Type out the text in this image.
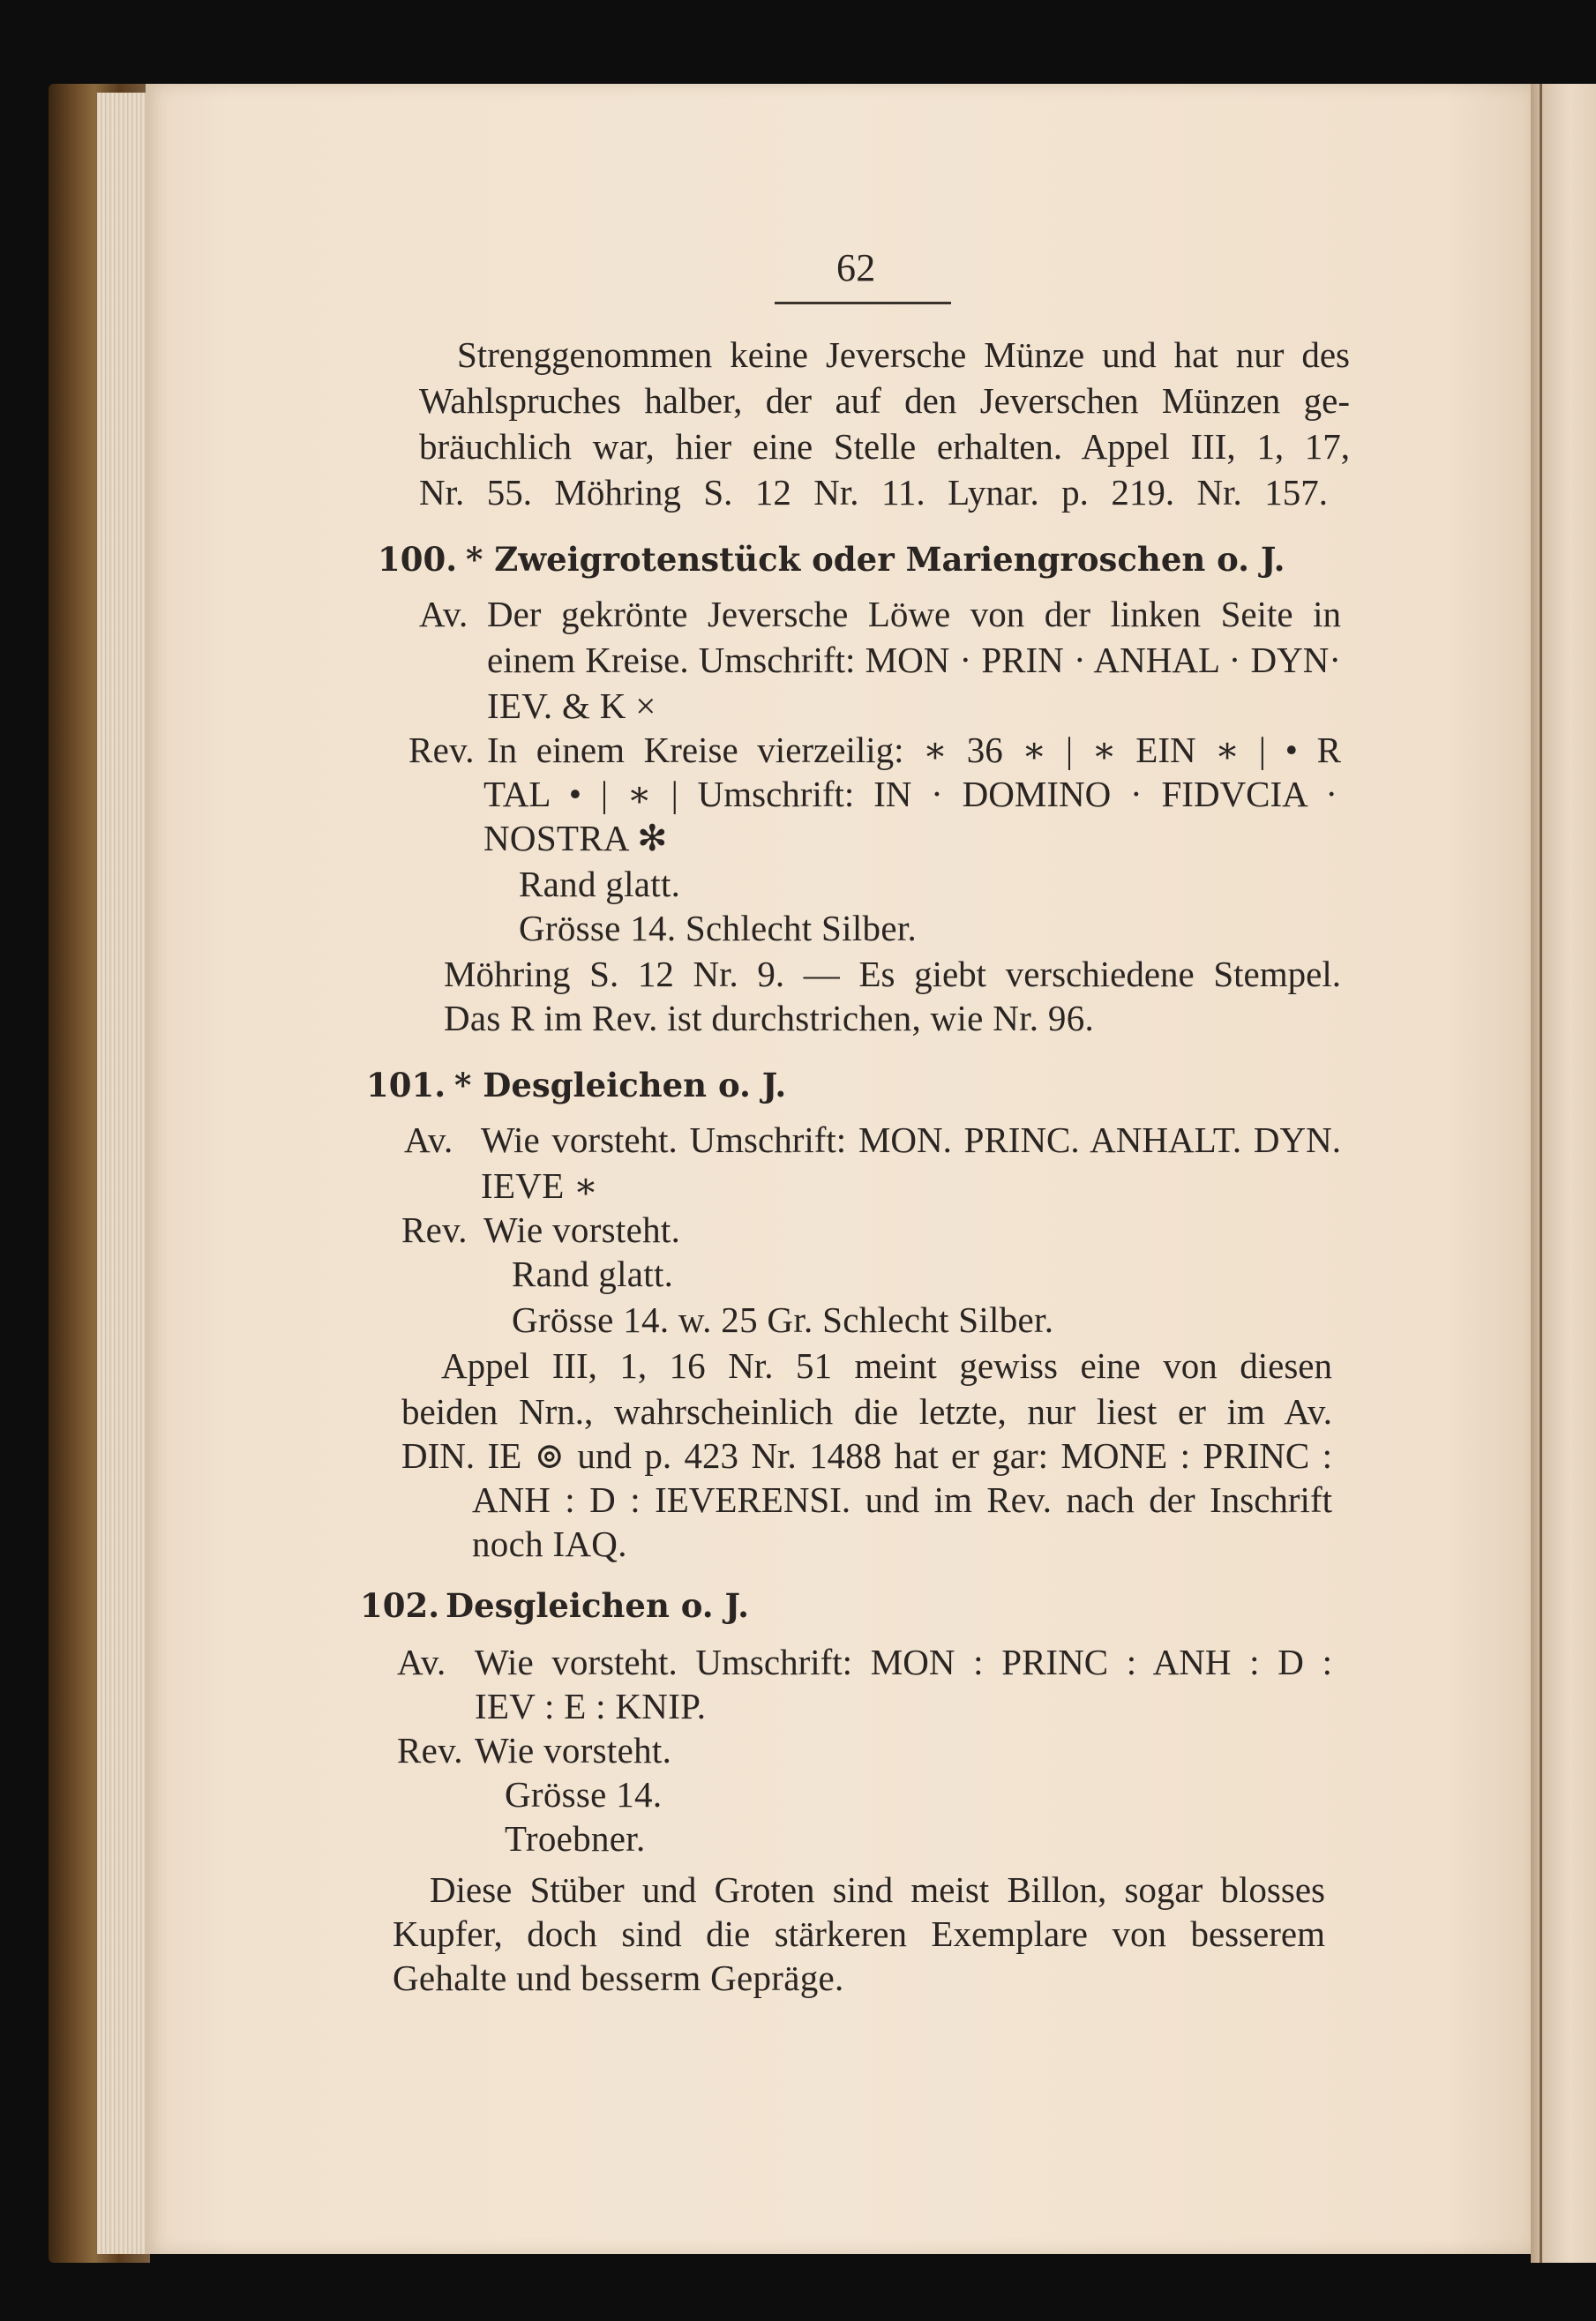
62
Strenggenommen keine Jeversche Münze und hat nur des
Wahlspruches halber, der auf den Jeverschen Münzen ge-
bräuchlich war, hier eine Stelle erhalten. Appel III, 1, 17,
Nr. 55. Möhring S. 12 Nr. 11. Lynar. p. 219. Nr. 157.
100. * Zweigrotenstück oder Mariengroschen o. J.
Av. Der gekrönte Jeversche Löwe von der linken Seite in
einem Kreise. Umschrift: MON · PRIN · ANHAL · DYN·
IEV. & K ×
Rev. In einem Kreise vierzeilig: ∗ 36 ∗ | ∗ EIN ∗ | • R
TAL • | ∗ | Umschrift: IN · DOMINO · FIDVCIA ·
NOSTRA ✻
Rand glatt.
Grösse 14. Schlecht Silber.
Möhring S. 12 Nr. 9. — Es giebt verschiedene Stempel.
Das R im Rev. ist durchstrichen, wie Nr. 96.
101. * Desgleichen o. J.
Av. Wie vorsteht. Umschrift: MON. PRINC. ANHALT. DYN.
IEVE ∗
Rev. Wie vorsteht.
Rand glatt.
Grösse 14. w. 25 Gr. Schlecht Silber.
Appel III, 1, 16 Nr. 51 meint gewiss eine von diesen
beiden Nrn., wahrscheinlich die letzte, nur liest er im Av.
DIN. IE ⊚ und p. 423 Nr. 1488 hat er gar: MONE : PRINC :
ANH : D : IEVERENSI. und im Rev. nach der Inschrift
noch IAQ.
102. Desgleichen o. J.
Av. Wie vorsteht. Umschrift: MON : PRINC : ANH : D :
IEV : E : KNIP.
Rev. Wie vorsteht.
Grösse 14.
Troebner.
Diese Stüber und Groten sind meist Billon, sogar blosses
Kupfer, doch sind die stärkeren Exemplare von besserem
Gehalte und besserm Gepräge.
